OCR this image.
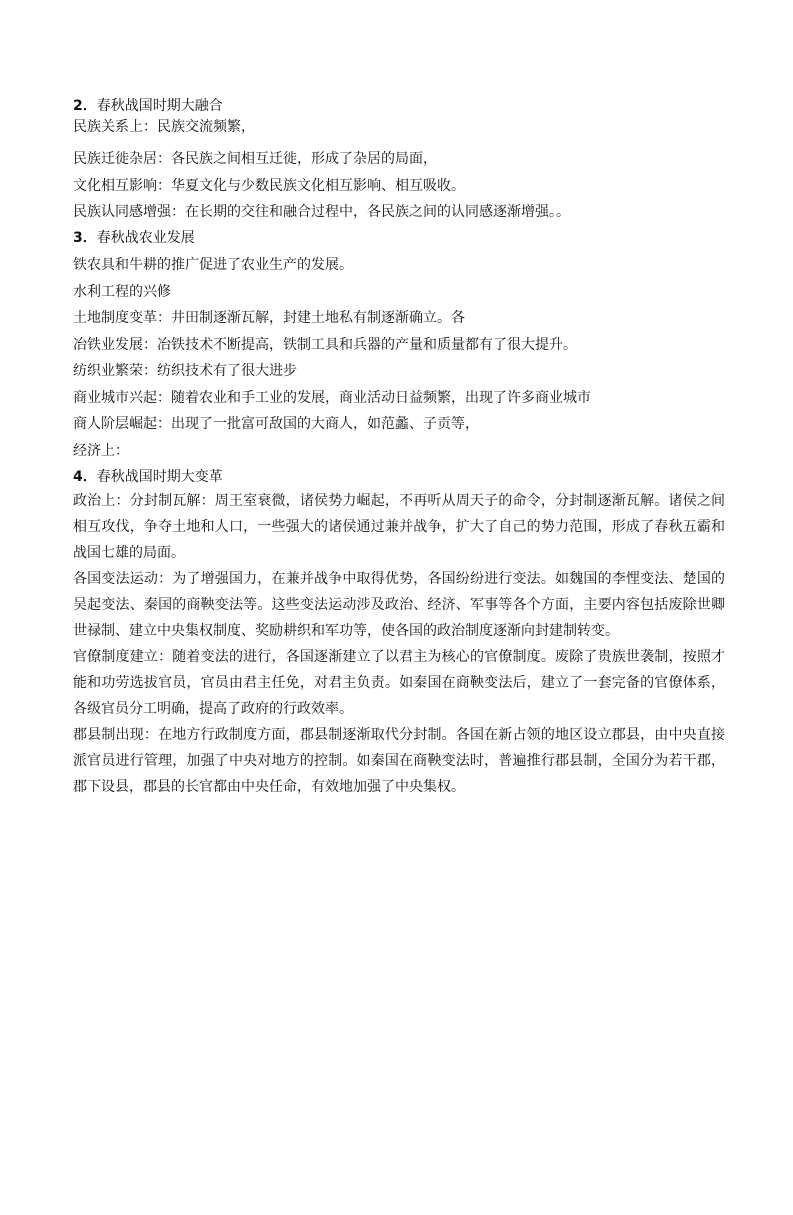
2．春秋战国时期大融合

民族关系上：民族交流频繁，

民族迁徙杂居：各民族之间相互迁徙，形成了杂居的局面，

文化相互影响：华夏文化与少数民族文化相互影响、相互吸收。

民族认同感增强：在长期的交往和融合过程中，各民族之间的认同感逐渐增强。。

3．春秋战农业发展

铁农具和牛耕的推广促进了农业生产的发展。

水利工程的兴修

土地制度变革：井田制逐渐瓦解，封建土地私有制逐渐确立。各

冶铁业发展：冶铁技术不断提高，铁制工具和兵器的产量和质量都有了很大提升。

纺织业繁荣：纺织技术有了很大进步

商业城市兴起：随着农业和手工业的发展，商业活动日益频繁，出现了许多商业城市

商人阶层崛起：出现了一批富可敌国的大商人，如范蠡、子贡等，

经济上：

4．春秋战国时期大变革

政治上：分封制瓦解：周王室衰微，诸侯势力崛起，不再听从周天子的命令，分封制逐渐瓦解。诸侯之间相互攻伐，争夺土地和人口，一些强大的诸侯通过兼并战争，扩大了自己的势力范围，形成了春秋五霸和战国七雄的局面。

各国变法运动：为了增强国力，在兼并战争中取得优势，各国纷纷进行变法。如魏国的李悝变法、楚国的吴起变法、秦国的商鞅变法等。这些变法运动涉及政治、经济、军事等各个方面，主要内容包括废除世卿世禄制、建立中央集权制度、奖励耕织和军功等，使各国的政治制度逐渐向封建制转变。

官僚制度建立：随着变法的进行，各国逐渐建立了以君主为核心的官僚制度。废除了贵族世袭制，按照才能和功劳选拔官员，官员由君主任免，对君主负责。如秦国在商鞅变法后，建立了一套完备的官僚体系，各级官员分工明确，提高了政府的行政效率。

郡县制出现：在地方行政制度方面，郡县制逐渐取代分封制。各国在新占领的地区设立郡县，由中央直接派官员进行管理，加强了中央对地方的控制。如秦国在商鞅变法时，普遍推行郡县制，全国分为若干郡，郡下设县，郡县的长官都由中央任命，有效地加强了中央集权。
